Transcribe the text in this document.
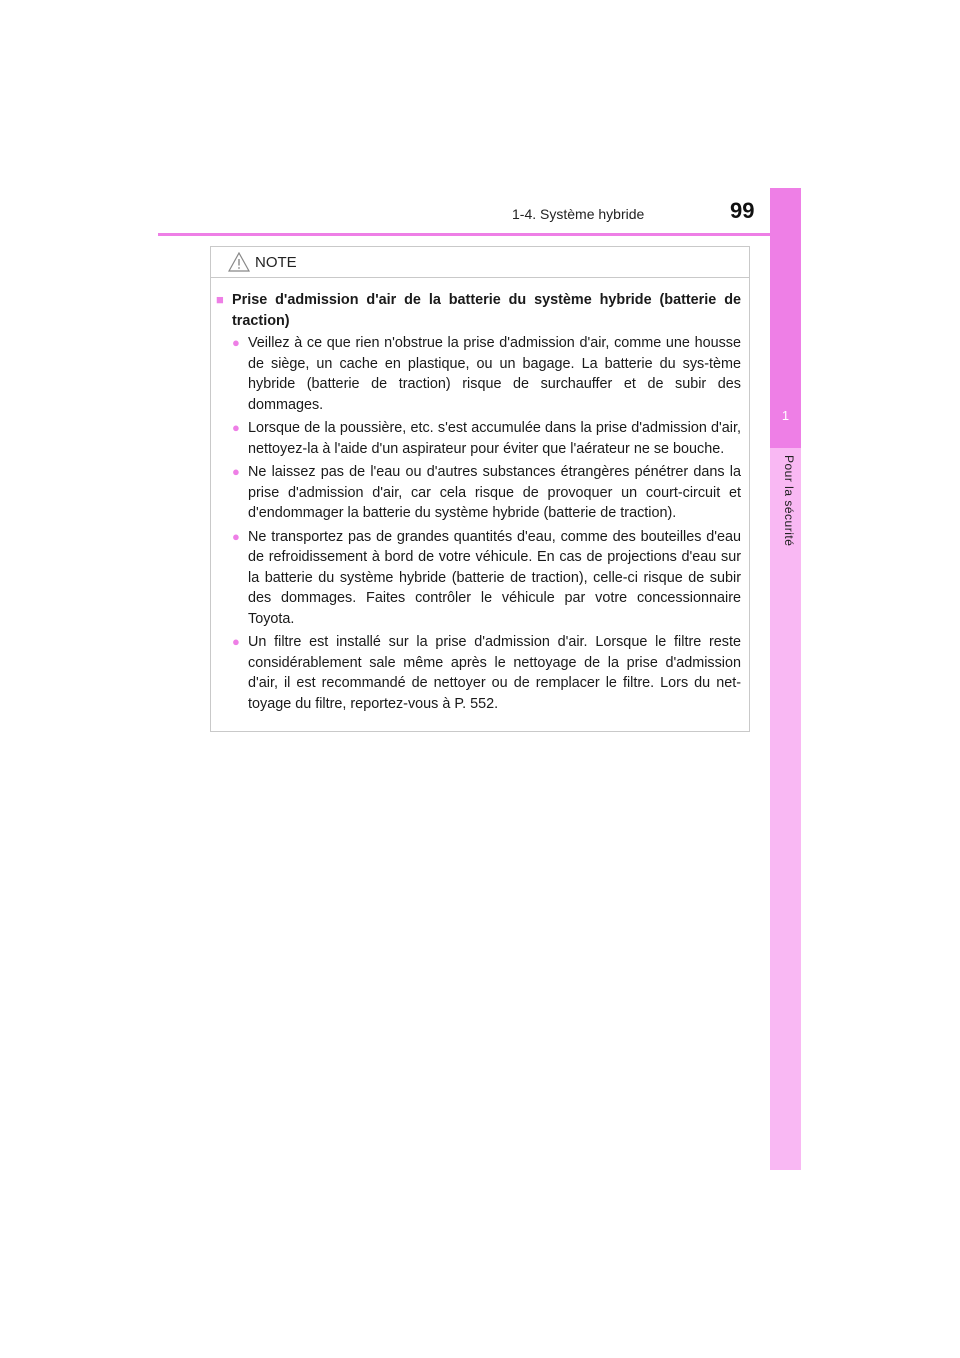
1
Pour la sécurité
1-4. Système hybride	99
NOTE
■ Prise d'admission d'air de la batterie du système hybride (batterie de traction)
● Veillez à ce que rien n'obstrue la prise d'admission d'air, comme une housse de siège, un cache en plastique, ou un bagage. La batterie du sys-tème hybride (batterie de traction) risque de surchauffer et de subir des dommages.
● Lorsque de la poussière, etc. s'est accumulée dans la prise d'admission d'air, nettoyez-la à l'aide d'un aspirateur pour éviter que l'aérateur ne se bouche.
● Ne laissez pas de l'eau ou d'autres substances étrangères pénétrer dans la prise d'admission d'air, car cela risque de provoquer un court-circuit et d'endommager la batterie du système hybride (batterie de traction).
● Ne transportez pas de grandes quantités d'eau, comme des bouteilles d'eau de refroidissement à bord de votre véhicule. En cas de projections d'eau sur la batterie du système hybride (batterie de traction), celle-ci risque de subir des dommages. Faites contrôler le véhicule par votre concessionnaire Toyota.
● Un filtre est installé sur la prise d'admission d'air. Lorsque le filtre reste considérablement sale même après le nettoyage de la prise d'admission d'air, il est recommandé de nettoyer ou de remplacer le filtre. Lors du net-toyage du filtre, reportez-vous à P. 552.
